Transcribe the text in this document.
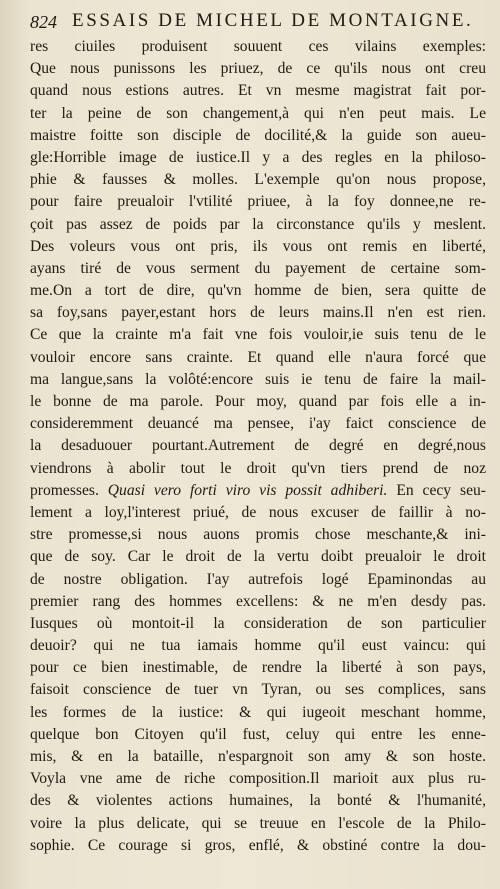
824 ESSAIS DE MICHEL DE MONTAIGNE.
res ciuiles produisent souuent ces vilains exemples:
Que nous punissons les priuez, de ce qu'ils nous ont creu
quand nous estions autres. Et vn mesme magistrat fait por-
ter la peine de son changement,à qui n'en peut mais. Le
maistre foitte son disciple de docilité,& la guide son aueu-
gle:Horrible image de iustice.Il y a des regles en la philoso-
phie & fausses & molles. L'exemple qu'on nous propose,
pour faire preualoir l'vtilité priuee, à la foy donnee,ne re-
çoit pas assez de poids par la circonstance qu'ils y meslent.
Des voleurs vous ont pris, ils vous ont remis en liberté,
ayans tiré de vous serment du payement de certaine som-
me.On a tort de dire, qu'vn homme de bien, sera quitte de
sa foy,sans payer,estant hors de leurs mains.Il n'en est rien.
Ce que la crainte m'a fait vne fois vouloir,ie suis tenu de le
vouloir encore sans crainte. Et quand elle n'aura forcé que
ma langue,sans la volôté:encore suis ie tenu de faire la mail-
le bonne de ma parole. Pour moy, quand par fois elle a in-
consideremment deuancé ma pensee, i'ay faict conscience de
la desaduouer pourtant.Autrement de degré en degré,nous
viendrons à abolir tout le droit qu'vn tiers prend de noz
promesses. Quasi vero forti viro vis possit adhiberi. En cecy seu-
lement a loy,l'interest priué, de nous excuser de faillir à no-
stre promesse,si nous auons promis chose meschante,& ini-
que de soy. Car le droit de la vertu doibt preualoir le droit
de nostre obligation. I'ay autrefois logé Epaminondas au
premier rang des hommes excellens: & ne m'en desdy pas.
Iusques où montoit-il la consideration de son particulier
deuoir? qui ne tua iamais homme qu'il eust vaincu: qui
pour ce bien inestimable, de rendre la liberté à son pays,
faisoit conscience de tuer vn Tyran, ou ses complices, sans
les formes de la iustice: & qui iugeoit meschant homme,
quelque bon Citoyen qu'il fust, celuy qui entre les enne-
mis, & en la bataille, n'espargnoit son amy & son hoste.
Voyla vne ame de riche composition.Il marioit aux plus ru-
des & violentes actions humaines, la bonté & l'humanité,
voire la plus delicate, qui se treuue en l'escole de la Philo-
sophie. Ce courage si gros, enflé, & obstiné contre la dou-
